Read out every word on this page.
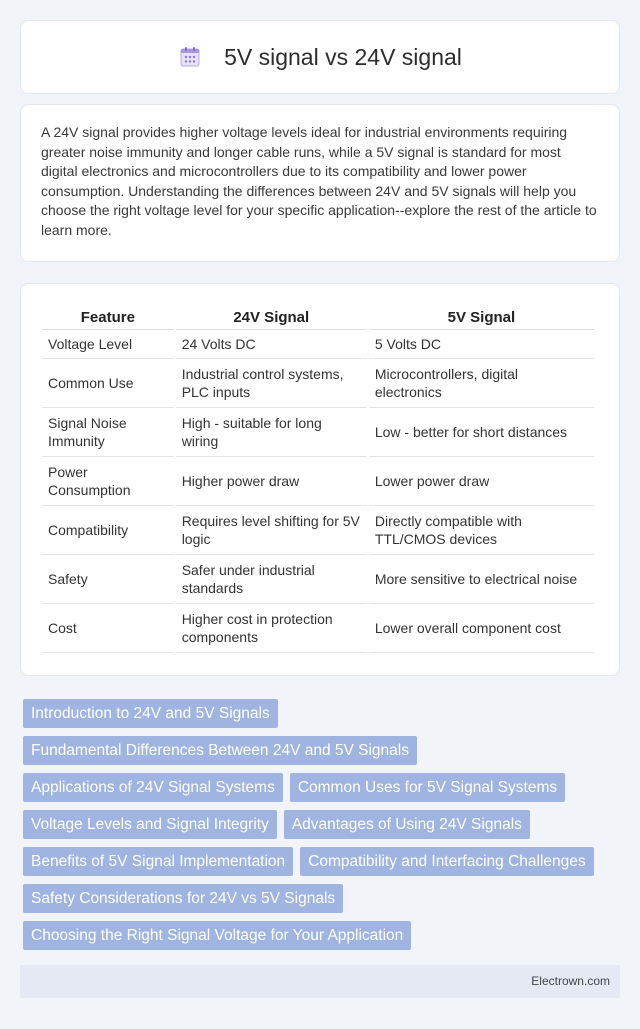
5V signal vs 24V signal

A 24V signal provides higher voltage levels ideal for industrial environments requiring greater noise immunity and longer cable runs, while a 5V signal is standard for most digital electronics and microcontrollers due to its compatibility and lower power consumption. Understanding the differences between 24V and 5V signals will help you choose the right voltage level for your specific application--explore the rest of the article to learn more.

Feature	24V Signal	5V Signal
Voltage Level	24 Volts DC	5 Volts DC
Common Use	Industrial control systems, PLC inputs	Microcontrollers, digital electronics
Signal Noise Immunity	High - suitable for long wiring	Low - better for short distances
Power Consumption	Higher power draw	Lower power draw
Compatibility	Requires level shifting for 5V logic	Directly compatible with TTL/CMOS devices
Safety	Safer under industrial standards	More sensitive to electrical noise
Cost	Higher cost in protection components	Lower overall component cost
Introduction to 24V and 5V Signals
Fundamental Differences Between 24V and 5V Signals
Applications of 24V Signal Systems	Common Uses for 5V Signal Systems
Voltage Levels and Signal Integrity	Advantages of Using 24V Signals
Benefits of 5V Signal Implementation	Compatibility and Interfacing Challenges
Safety Considerations for 24V vs 5V Signals
Choosing the Right Signal Voltage for Your Application
Electrown.com
